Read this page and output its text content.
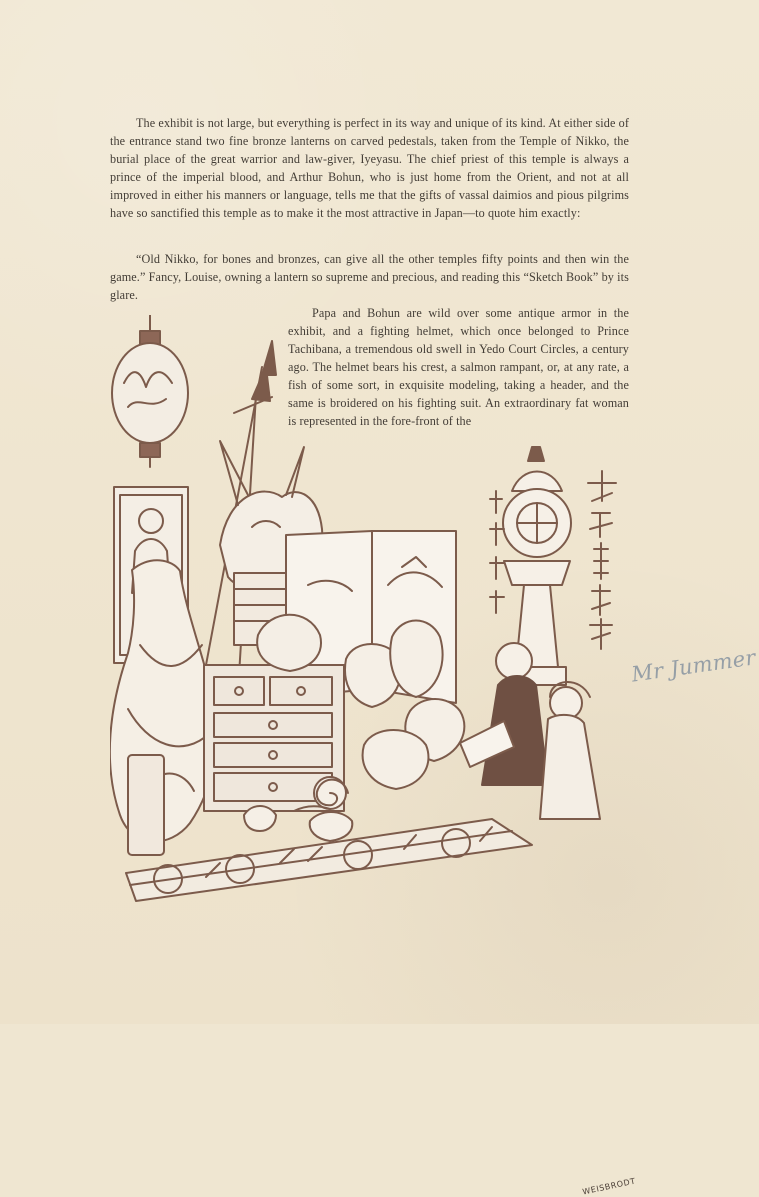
The exhibit is not large, but everything is perfect in its way and unique of its kind. At either side of the entrance stand two fine bronze lanterns on carved pedestals, taken from the Temple of Nikko, the burial place of the great warrior and law-giver, Iyeyasu. The chief priest of this temple is always a prince of the imperial blood, and Arthur Bohun, who is just home from the Orient, and not at all improved in either his manners or language, tells me that the gifts of vassal daimios and pious pilgrims have so sanctified this temple as to make it the most attractive in Japan—to quote him exactly:

“Old Nikko, for bones and bronzes, can give all the other temples fifty points and then win the game.” Fancy, Louise, owning a lantern so supreme and precious, and reading this “Sketch Book” by its glare.

Papa and Bohun are wild over some antique armor in the exhibit, and a fighting helmet, which once belonged to Prince Tachibana, a tremendous old swell in Yedo Court Circles, a century ago. The helmet bears his crest, a salmon rampant, or, at any rate, a fish of some sort, in exquisite modeling, taking a header, and the same is broidered on his fighting suit. An extraordinary fat woman is represented in the fore-front of the

WEISBRODT
Mr Jummer
